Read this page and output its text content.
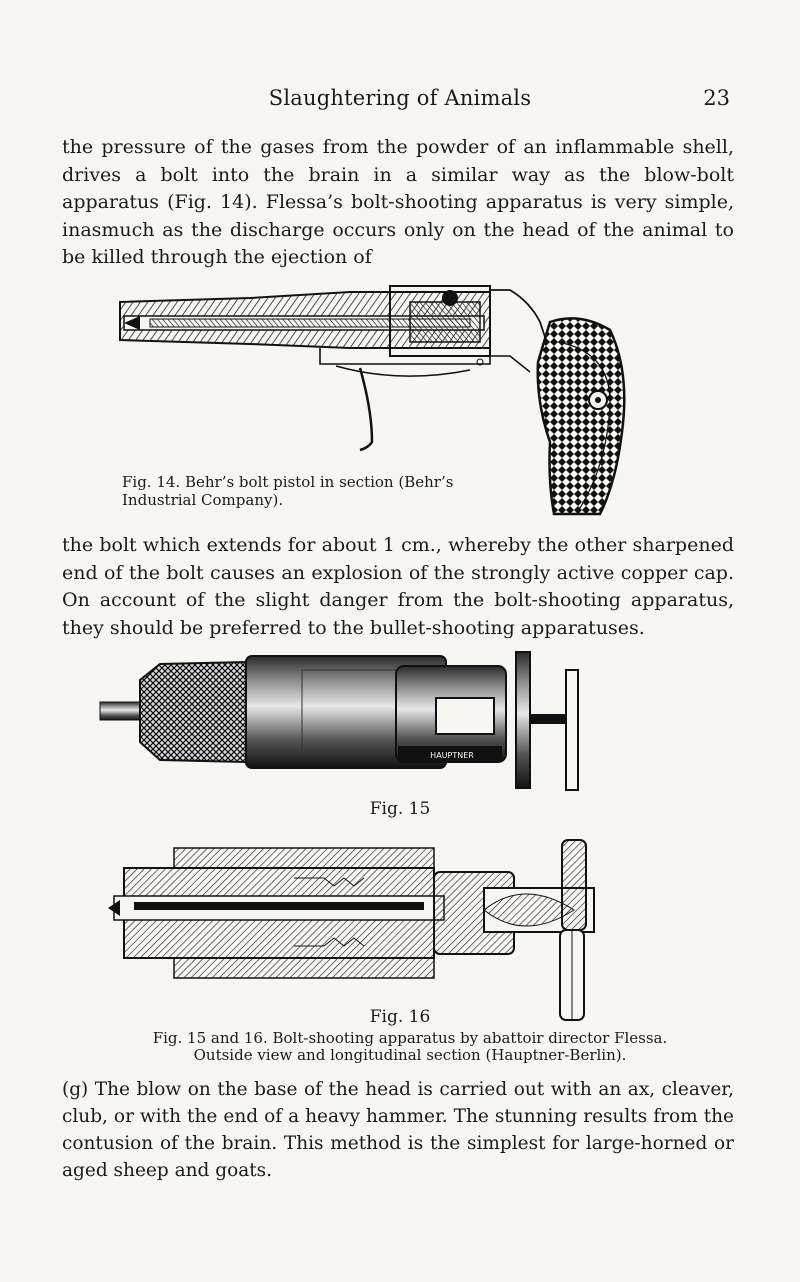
Slaughtering of Animals	23

the pressure of the gases from the powder of an inflammable shell, drives a bolt into the brain in a similar way as the blow-bolt apparatus (Fig. 14). Flessa’s bolt-shooting apparatus is very simple, inasmuch as the discharge occurs only on the head of the animal to be killed through the ejection of

Fig. 14. Behr’s bolt pistol in section (Behr’s
Industrial Company).

the bolt which extends for about 1 cm., whereby the other sharpened end of the bolt causes an explosion of the strongly active copper cap. On account of the slight danger from the bolt-shooting apparatus, they should be preferred to the bullet-shooting apparatuses.

HAUPTNER
Fig. 15
Fig. 16
Fig. 15 and 16. Bolt-shooting apparatus by abattoir director Flessa.
Outside view and longitudinal section (Hauptner-Berlin).

(g) The blow on the base of the head is carried out with an ax, cleaver, club, or with the end of a heavy hammer. The stunning results from the contusion of the brain. This method is the simplest for large-horned or aged sheep and goats.
